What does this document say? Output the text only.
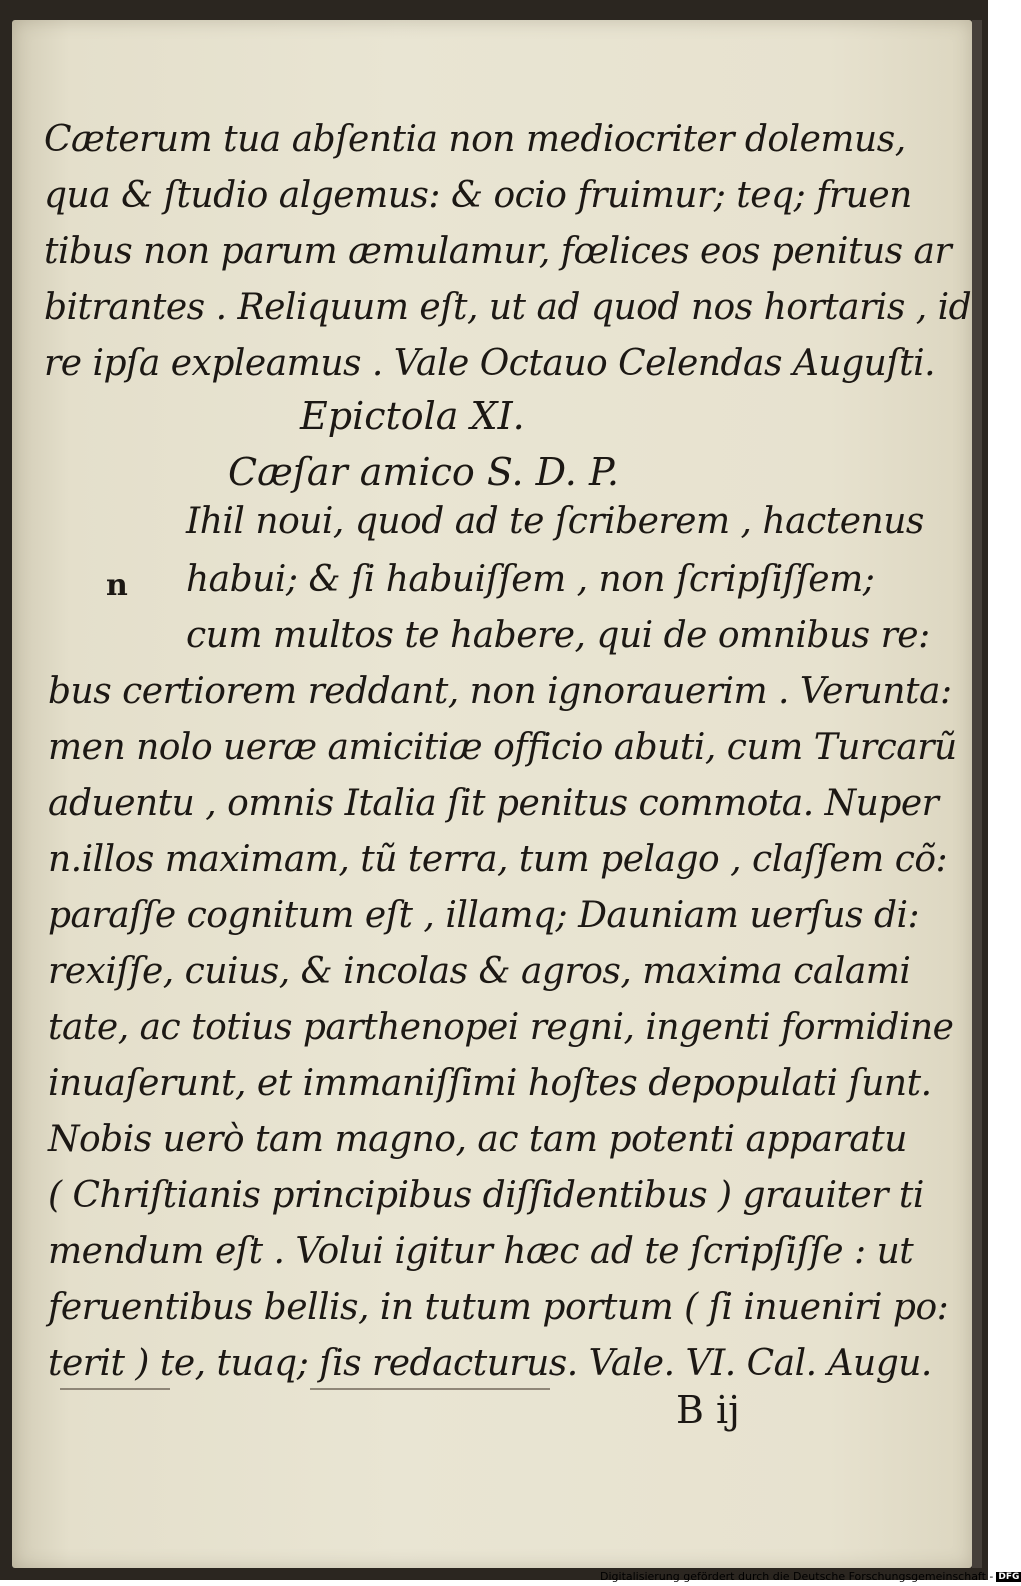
Cæterum tua abſentia non mediocriter dolemus,
qua & ſtudio algemus: & ocio fruimur; teq; fruen
tibus non parum æmulamur, fœlices eos penitus ar
bitrantes . Reliquum eſt, ut ad quod nos hortaris , id
re ipſa expleamus . Vale Octauo Celendas Auguſti.
Epictola XI.
Cæſar amico S. D. P.
n
Ihil noui, quod ad te ſcriberem , hactenus
habui; & ſi habuiſſem , non ſcripſiſſem;
cum multos te habere, qui de omnibus re:
bus certiorem reddant, non ignorauerim . Verunta:
men nolo ueræ amicitiæ officio abuti, cum Turcarũ
aduentu , omnis Italia ſit penitus commota. Nuper
n.illos maximam, tũ terra, tum pelago , claſſem cõ:
paraſſe cognitum eſt , illamq; Dauniam uerſus di:
rexiſſe, cuius, & incolas & agros, maxima calami
tate, ac totius parthenopei regni, ingenti formidine
inuaſerunt, et immaniſſimi hoſtes depopulati ſunt.
Nobis uerò tam magno, ac tam potenti apparatu
( Chriſtianis principibus diſſidentibus ) grauiter ti
mendum eſt . Volui igitur hæc ad te ſcripſiſſe : ut
feruentibus bellis, in tutum portum ( ſi inueniri po:
terit ) te, tuaq; ſis redacturus. Vale. VI. Cal. Augu.
B ij
Digitalisierung gefördert durch die Deutsche Forschungsgemeinschaft - DFG
